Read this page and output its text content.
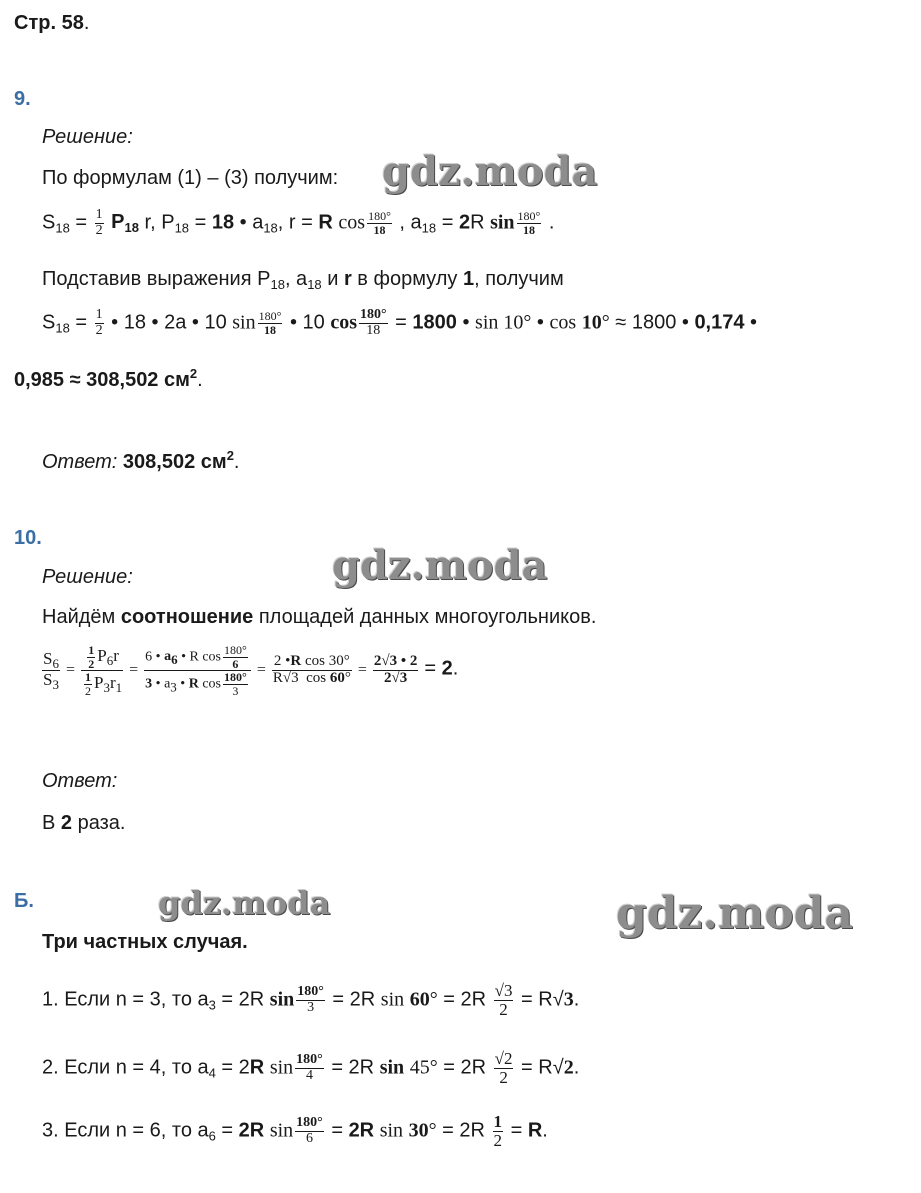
Стр. 58.
9.
Решение:
По формулам (1) – (3) получим: gdz.moda
$S_{18} = \frac{1}{2} P_{18}$ r, $P_{18} = 18$ • $a_{18}$, r = R $\cos \frac{180^\circ}{18}$ , $a_{18} = 2R$ $\sin \frac{180^\circ}{18}$ .
Подставив выражения $P_{18}$, $a_{18}$ и r в формулу 1, получим
$S_{18} = \frac{1}{2}$ • 18 • 2a • 10 $\sin \frac{180^\circ}{18}$ • 10 $\cos \frac{180^\circ}{18} = 1800$ • sin 10° • cos 10° ≈ 1800 • 0,174 •
0,985 ≈ 308,502 $см^2$.
Ответ: 308,502 $см^2$.
10.
Решение:	gdz.moda
Найдём соотношение площадей данных многоугольников.
$\frac{S_6}{S_3} = \frac{\frac{1}{2} P_6r}{\frac{1}{2} P_3r_1} = \frac{6 • a_6 • R \cos \frac{180^\circ}{6}}{3 • a_3 • R \cos \frac{180^\circ}{3}} = \frac{\text{2 •R cos 30°}}{R√3 \cos 60^\circ} = \frac{2√3 • 2}{2√3} = 2$.
Ответ:
В 2 раза.
Б.	gdz.moda	gdz.moda
Три частных случая.
1. Если n = 3, то $a_3 = 2R$ $\sin \frac{180^\circ}{3} = 2R$ $\sin 60^\circ = 2R \frac{√3}{2} = R√3$.
2. Если n = 4, то $a_4 = 2R$ $\sin \frac{180^\circ}{4} = 2R$ $\sin 45^\circ = 2R \frac{√2}{2} = R√2$.
3. Если n = 6, то $a_6 = 2R$ $\sin \frac{180^\circ}{6} = 2R$ $\sin 30^\circ = 2R \frac{1}{2} = R$.
